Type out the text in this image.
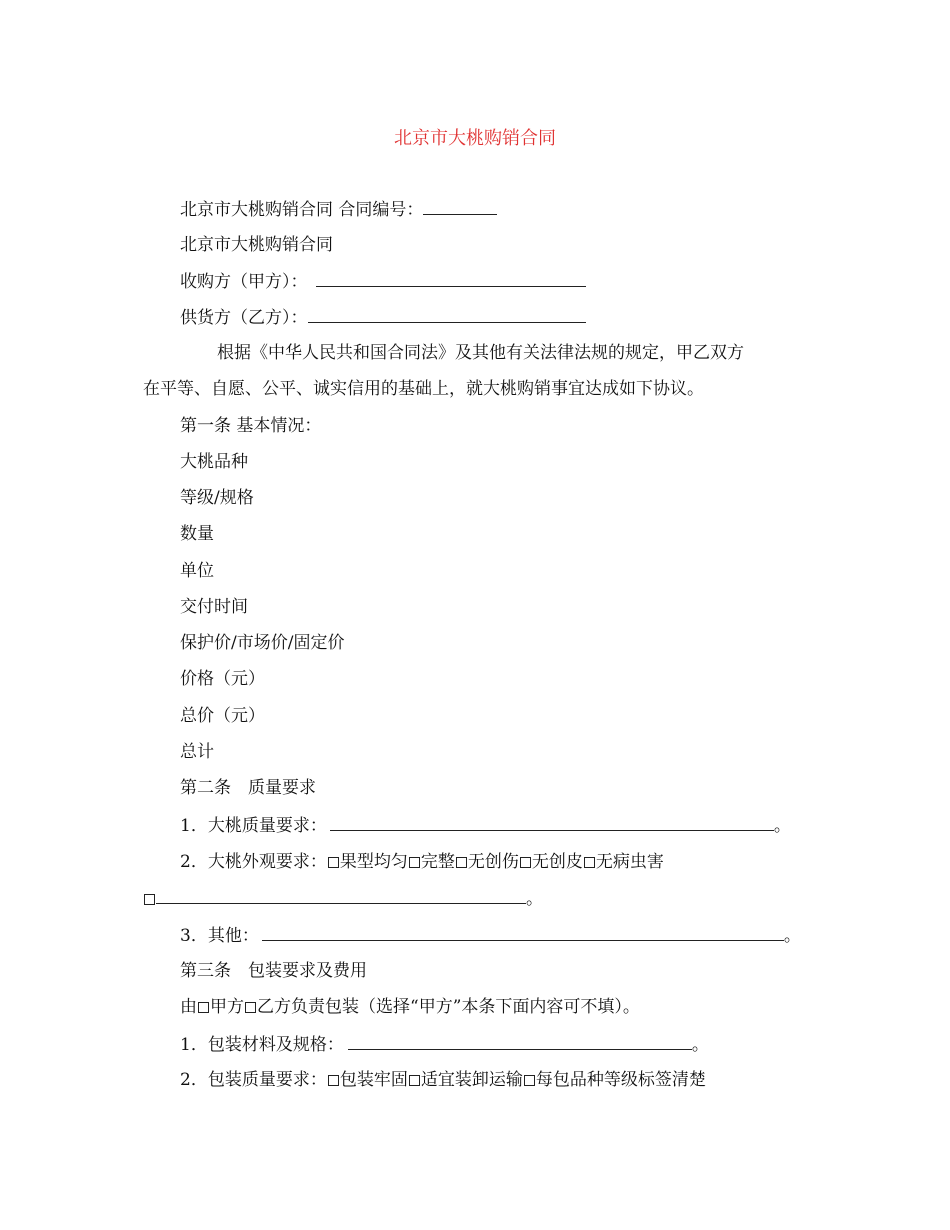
北京市大桃购销合同
北京市大桃购销合同 合同编号：
北京市大桃购销合同
收购方（甲方）：
供货方（乙方）：
根据《中华人民共和国合同法》及其他有关法律法规的规定，甲乙双方
在平等、自愿、公平、诚实信用的基础上，就大桃购销事宜达成如下协议。
第一条 基本情况：
大桃品种
等级/规格
数量
单位
交付时间
保护价/市场价/固定价
价格（元）
总价（元）
总计
第二条　质量要求
1．大桃质量要求：	。
2．大桃外观要求： 果型均匀 完整 无创伤 无创皮 无病虫害
。
3．其他：	。
第三条　包装要求及费用
由 甲方 乙方负责包装（选择“甲方”本条下面内容可不填）。
1．包装材料及规格：	。
2．包装质量要求： 包装牢固 适宜装卸运输 每包品种等级标签清楚
